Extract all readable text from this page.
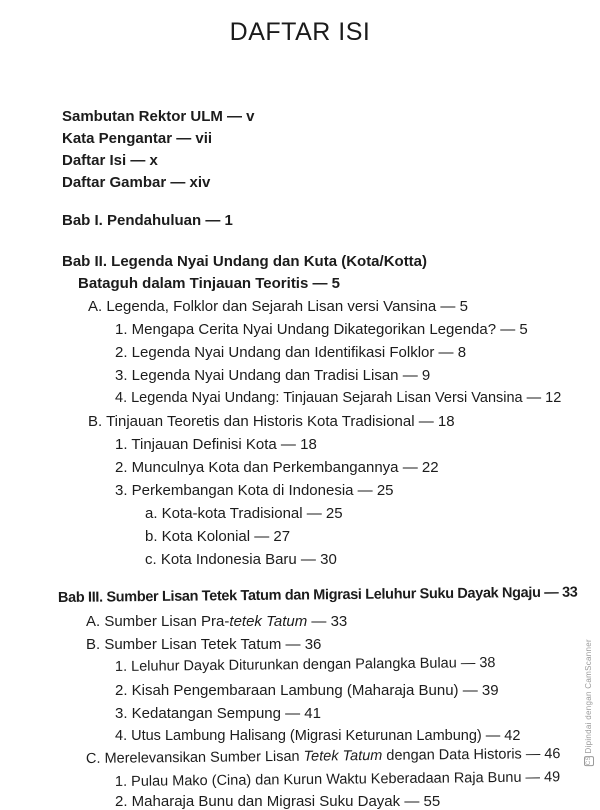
DAFTAR ISI
Sambutan Rektor ULM — v
Kata Pengantar — vii
Daftar Isi — x
Daftar Gambar — xiv
Bab I. Pendahuluan — 1
Bab II. Legenda Nyai Undang dan Kuta (Kota/Kotta)
Bataguh dalam Tinjauan Teoritis — 5
A. Legenda, Folklor dan Sejarah Lisan versi Vansina — 5
1. Mengapa Cerita Nyai Undang Dikategorikan Legenda? — 5
2. Legenda Nyai Undang dan Identifikasi Folklor — 8
3. Legenda Nyai Undang dan Tradisi Lisan — 9
4. Legenda Nyai Undang: Tinjauan Sejarah Lisan Versi Vansina — 12
B. Tinjauan Teoretis dan Historis Kota Tradisional — 18
1. Tinjauan Definisi Kota — 18
2. Munculnya Kota dan Perkembangannya — 22
3. Perkembangan Kota di Indonesia — 25
a. Kota-kota Tradisional — 25
b. Kota Kolonial — 27
c. Kota Indonesia Baru — 30
Bab III. Sumber Lisan Tetek Tatum dan Migrasi Leluhur Suku Dayak Ngaju — 33
A. Sumber Lisan Pra-tetek Tatum — 33
B. Sumber Lisan Tetek Tatum — 36
1. Leluhur Dayak Diturunkan dengan Palangka Bulau — 38
2. Kisah Pengembaraan Lambung (Maharaja Bunu) — 39
3. Kedatangan Sempung — 41
4. Utus Lambung Halisang (Migrasi Keturunan Lambung) — 42
C. Merelevansikan Sumber Lisan Tetek Tatum dengan Data Historis — 46
1. Pulau Mako (Cina) dan Kurun Waktu Keberadaan Raja Bunu — 49
2. Maharaja Bunu dan Migrasi Suku Dayak — 55
CS Dipindai dengan CamScanner
